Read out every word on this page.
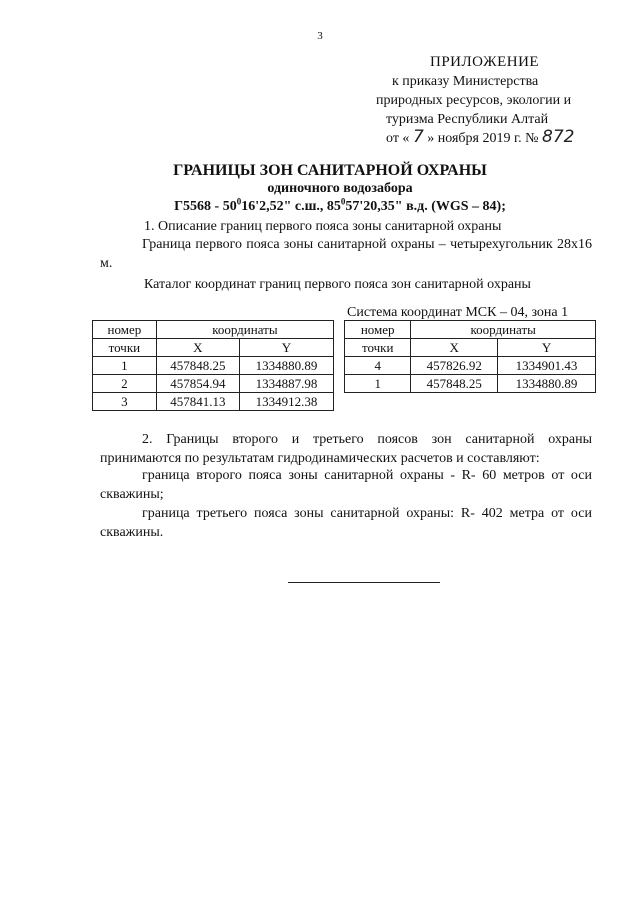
3
ПРИЛОЖЕНИЕ
к приказу Министерства
природных ресурсов, экологии и
туризма Республики Алтай
от « 7 » ноября 2019 г. № 872
ГРАНИЦЫ ЗОН САНИТАРНОЙ ОХРАНЫ
одиночного водозабора
$Г5568 - 50^016'2,52$" с.ш., $85^057'20,35$" в.д. (WGS – 84);
1. Описание границ первого пояса зоны санитарной охраны
Граница первого пояса зоны санитарной охраны – четырехугольник 28х16 м.
Каталог координат границ первого пояса зон санитарной охраны
Система координат МСК – 04, зона 1
номер	координаты	
точки	X	Y
1	457848.25	1334880.89
2	457854.94	1334887.98
3	457841.13	1334912.38
номер	координаты	
точки	X	Y
4	457826.92	1334901.43
1	457848.25	1334880.89
2. Границы второго и третьего поясов зон санитарной охраны принимаются по результатам гидродинамических расчетов и составляют:
граница второго пояса зоны санитарной охраны - R- 60 метров от оси скважины;
граница третьего пояса зоны санитарной охраны: R- 402 метра от оси скважины.
